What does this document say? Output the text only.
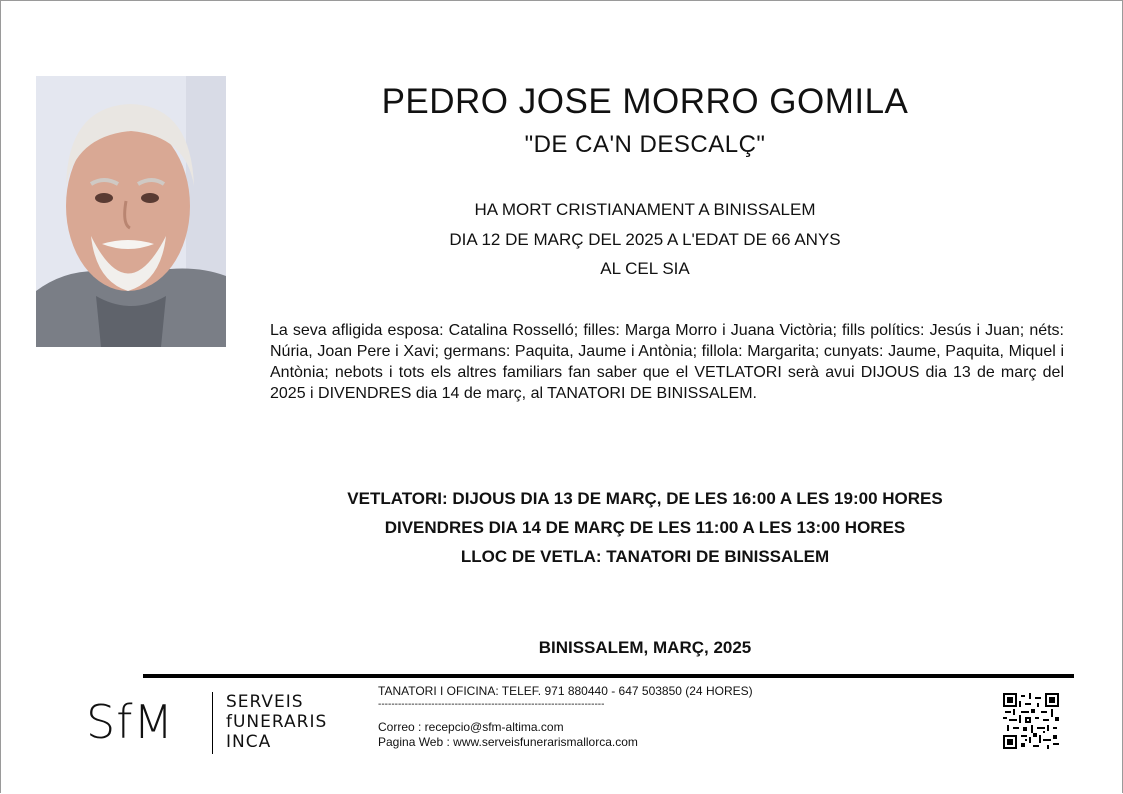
PEDRO JOSE MORRO GOMILA
"DE CA'N DESCALÇ"
HA MORT CRISTIANAMENT A BINISSALEM
DIA 12 DE MARÇ DEL 2025 A L'EDAT DE 66 ANYS
AL CEL SIA
La seva afligida esposa: Catalina Rosselló; filles: Marga Morro i Juana Victòria; fills polítics: Jesús i Juan; néts: Núria, Joan Pere i Xavi; germans: Paquita, Jaume i Antònia; fillola: Margarita; cunyats: Jaume, Paquita, Miquel i Antònia; nebots i tots els altres familiars fan saber que el VETLATORI serà avui DIJOUS dia 13 de març del 2025 i DIVENDRES dia 14 de març, al TANATORI DE BINISSALEM.
VETLATORI: DIJOUS DIA 13 DE MARÇ, DE LES 16:00 A LES 19:00 HORES
DIVENDRES DIA 14 DE MARÇ DE LES 11:00 A LES 13:00 HORES
LLOC DE VETLA: TANATORI DE BINISSALEM
BINISSALEM, MARÇ, 2025
SfM	SERVEIS
fUNERARIS
INCA
TANATORI I OFICINA: TELEF. 971 880440 - 647 503850 (24 HORES)
--------------------------------------------------------------------
Correo : recepcio@sfm-altima.com
Pagina Web : www.serveisfunerarismallorca.com
